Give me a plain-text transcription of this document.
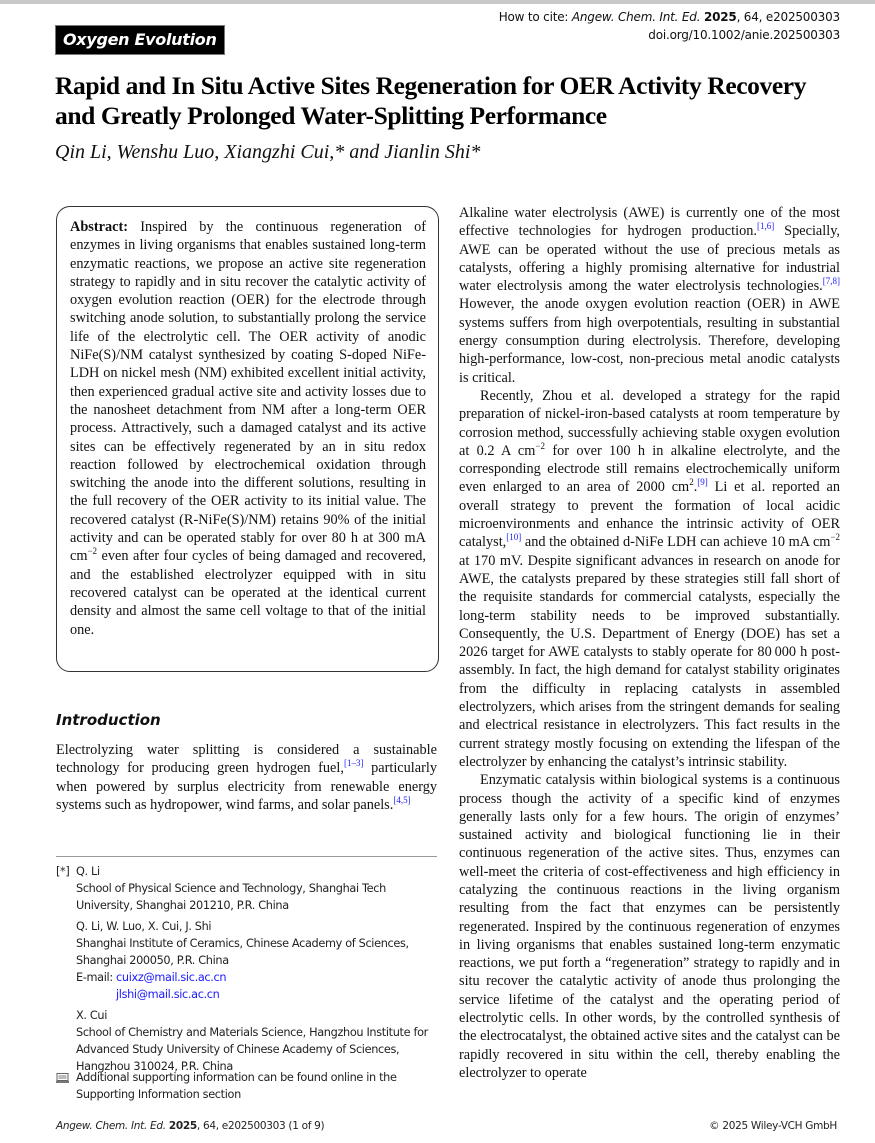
Oxygen Evolution
How to cite: Angew. Chem. Int. Ed. 2025, 64, e202500303
doi.org/10.1002/anie.202500303
Rapid and In Situ Active Sites Regeneration for OER Activity Recovery and Greatly Prolonged Water-Splitting Performance
Qin Li, Wenshu Luo, Xiangzhi Cui,* and Jianlin Shi*

Abstract: Inspired by the continuous regeneration of enzymes in living organisms that enables sustained long-term enzymatic reactions, we propose an active site regeneration strategy to rapidly and in situ recover the catalytic activity of oxygen evolution reaction (OER) for the electrode through switching anode solution, to substantially prolong the service life of the electrolytic cell. The OER activity of anodic NiFe(S)/NM catalyst synthesized by coating S-doped NiFe-LDH on nickel mesh (NM) exhibited excellent initial activity, then experienced gradual active site and activity losses due to the nanosheet detachment from NM after a long-term OER process. Attractively, such a damaged catalyst and its active sites can be effectively regenerated by an in situ redox reaction followed by electrochemical oxidation through switching the anode into the different solutions, resulting in the full recovery of the OER activity to its initial value. The recovered catalyst (R-NiFe(S)/NM) retains 90% of the initial activity and can be operated stably for over 80 h at 300 mA $cm^{-2}$ even after four cycles of being damaged and recovered, and the established electrolyzer equipped with in situ recovered catalyst can be operated at the identical current density and almost the same cell voltage to that of the initial one.

Introduction

Electrolyzing water splitting is considered a sustainable technology for producing green hydrogen fuel,[1–3] particularly when powered by surplus electricity from renewable energy systems such as hydropower, wind farms, and solar panels.[4,5]

[*] Q. Li
School of Physical Science and Technology, Shanghai Tech
University, Shanghai 201210, P.R. China
Q. Li, W. Luo, X. Cui, J. Shi
Shanghai Institute of Ceramics, Chinese Academy of Sciences,
Shanghai 200050, P.R. China
E-mail: cuixz@mail.sic.ac.cn
jlshi@mail.sic.ac.cn
X. Cui
School of Chemistry and Materials Science, Hangzhou Institute for
Advanced Study University of Chinese Academy of Sciences,
Hangzhou 310024, P.R. China
Additional supporting information can be found online in the
Supporting Information section

Alkaline water electrolysis (AWE) is currently one of the most effective technologies for hydrogen production.[1,6] Specially, AWE can be operated without the use of precious metals as catalysts, offering a highly promising alternative for industrial water electrolysis among the water electrolysis technologies.[7,8] However, the anode oxygen evolution reaction (OER) in AWE systems suffers from high overpotentials, resulting in substantial energy consumption during electrolysis. Therefore, developing high-performance, low-cost, non-precious metal anodic catalysts is critical.

Recently, Zhou et al. developed a strategy for the rapid preparation of nickel-iron-based catalysts at room temperature by corrosion method, successfully achieving stable oxygen evolution at 0.2 A $cm^{-2}$ for over 100 h in alkaline electrolyte, and the corresponding electrode still remains electrochemically uniform even enlarged to an area of 2000 $cm^2.[9]$ Li et al. reported an overall strategy to prevent the formation of local acidic microenvironments and enhance the intrinsic activity of OER catalyst,[10] and the obtained d-NiFe LDH can achieve 10 mA $cm^{-2}$ at 170 mV. Despite significant advances in research on anode for AWE, the catalysts prepared by these strategies still fall short of the requisite standards for commercial catalysts, especially the long-term stability needs to be improved substantially. Consequently, the U.S. Department of Energy (DOE) has set a 2026 target for AWE catalysts to stably operate for 80 000 h post-assembly. In fact, the high demand for catalyst stability originates from the difficulty in replacing catalysts in assembled electrolyzers, which arises from the stringent demands for sealing and electrical resistance in electrolyzers. This fact results in the current strategy mostly focusing on extending the lifespan of the electrolyzer by enhancing the catalyst’s intrinsic stability.

Enzymatic catalysis within biological systems is a continuous process though the activity of a specific kind of enzymes generally lasts only for a few hours. The origin of enzymes’ sustained activity and biological functioning lie in their continuous regeneration of the active sites. Thus, enzymes can well-meet the criteria of cost-effectiveness and high efficiency in catalyzing the continuous reactions in the living organism resulting from the fact that enzymes can be persistently regenerated. Inspired by the continuous regeneration of enzymes in living organisms that enables sustained long-term enzymatic reactions, we put forth a “regeneration” strategy to rapidly and in situ recover the catalytic activity of anode thus prolonging the service lifetime of the catalyst and the operating period of electrolytic cells. In other words, by the controlled synthesis of the electrocatalyst, the obtained active sites and the catalyst can be rapidly recovered in situ within the cell, thereby enabling the electrolyzer to operate

Angew. Chem. Int. Ed. 2025, 64, e202500303 (1 of 9)	© 2025 Wiley-VCH GmbH
